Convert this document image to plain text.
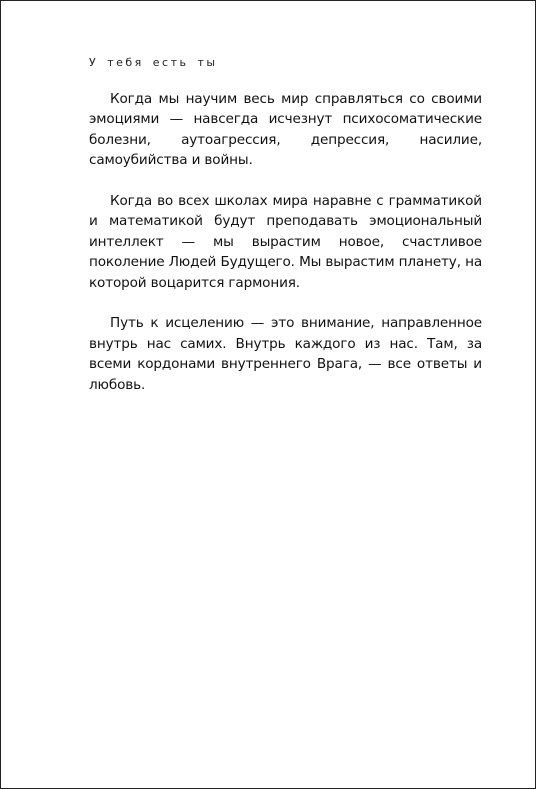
У тебя есть ты

Когда мы научим весь мир справляться со своими эмоциями — навсегда исчезнут психосоматические болезни, аутоагрессия, депрессия, насилие, самоубийства и войны.

Когда во всех школах мира наравне с грамматикой и математикой будут преподавать эмоциональный интеллект — мы вырастим новое, счастливое поколение Людей Будущего. Мы вырастим планету, на которой воцарится гармония.

Путь к исцелению — это внимание, направленное внутрь нас самих. Внутрь каждого из нас. Там, за всеми кордонами внутреннего Врага, — все ответы и любовь.
